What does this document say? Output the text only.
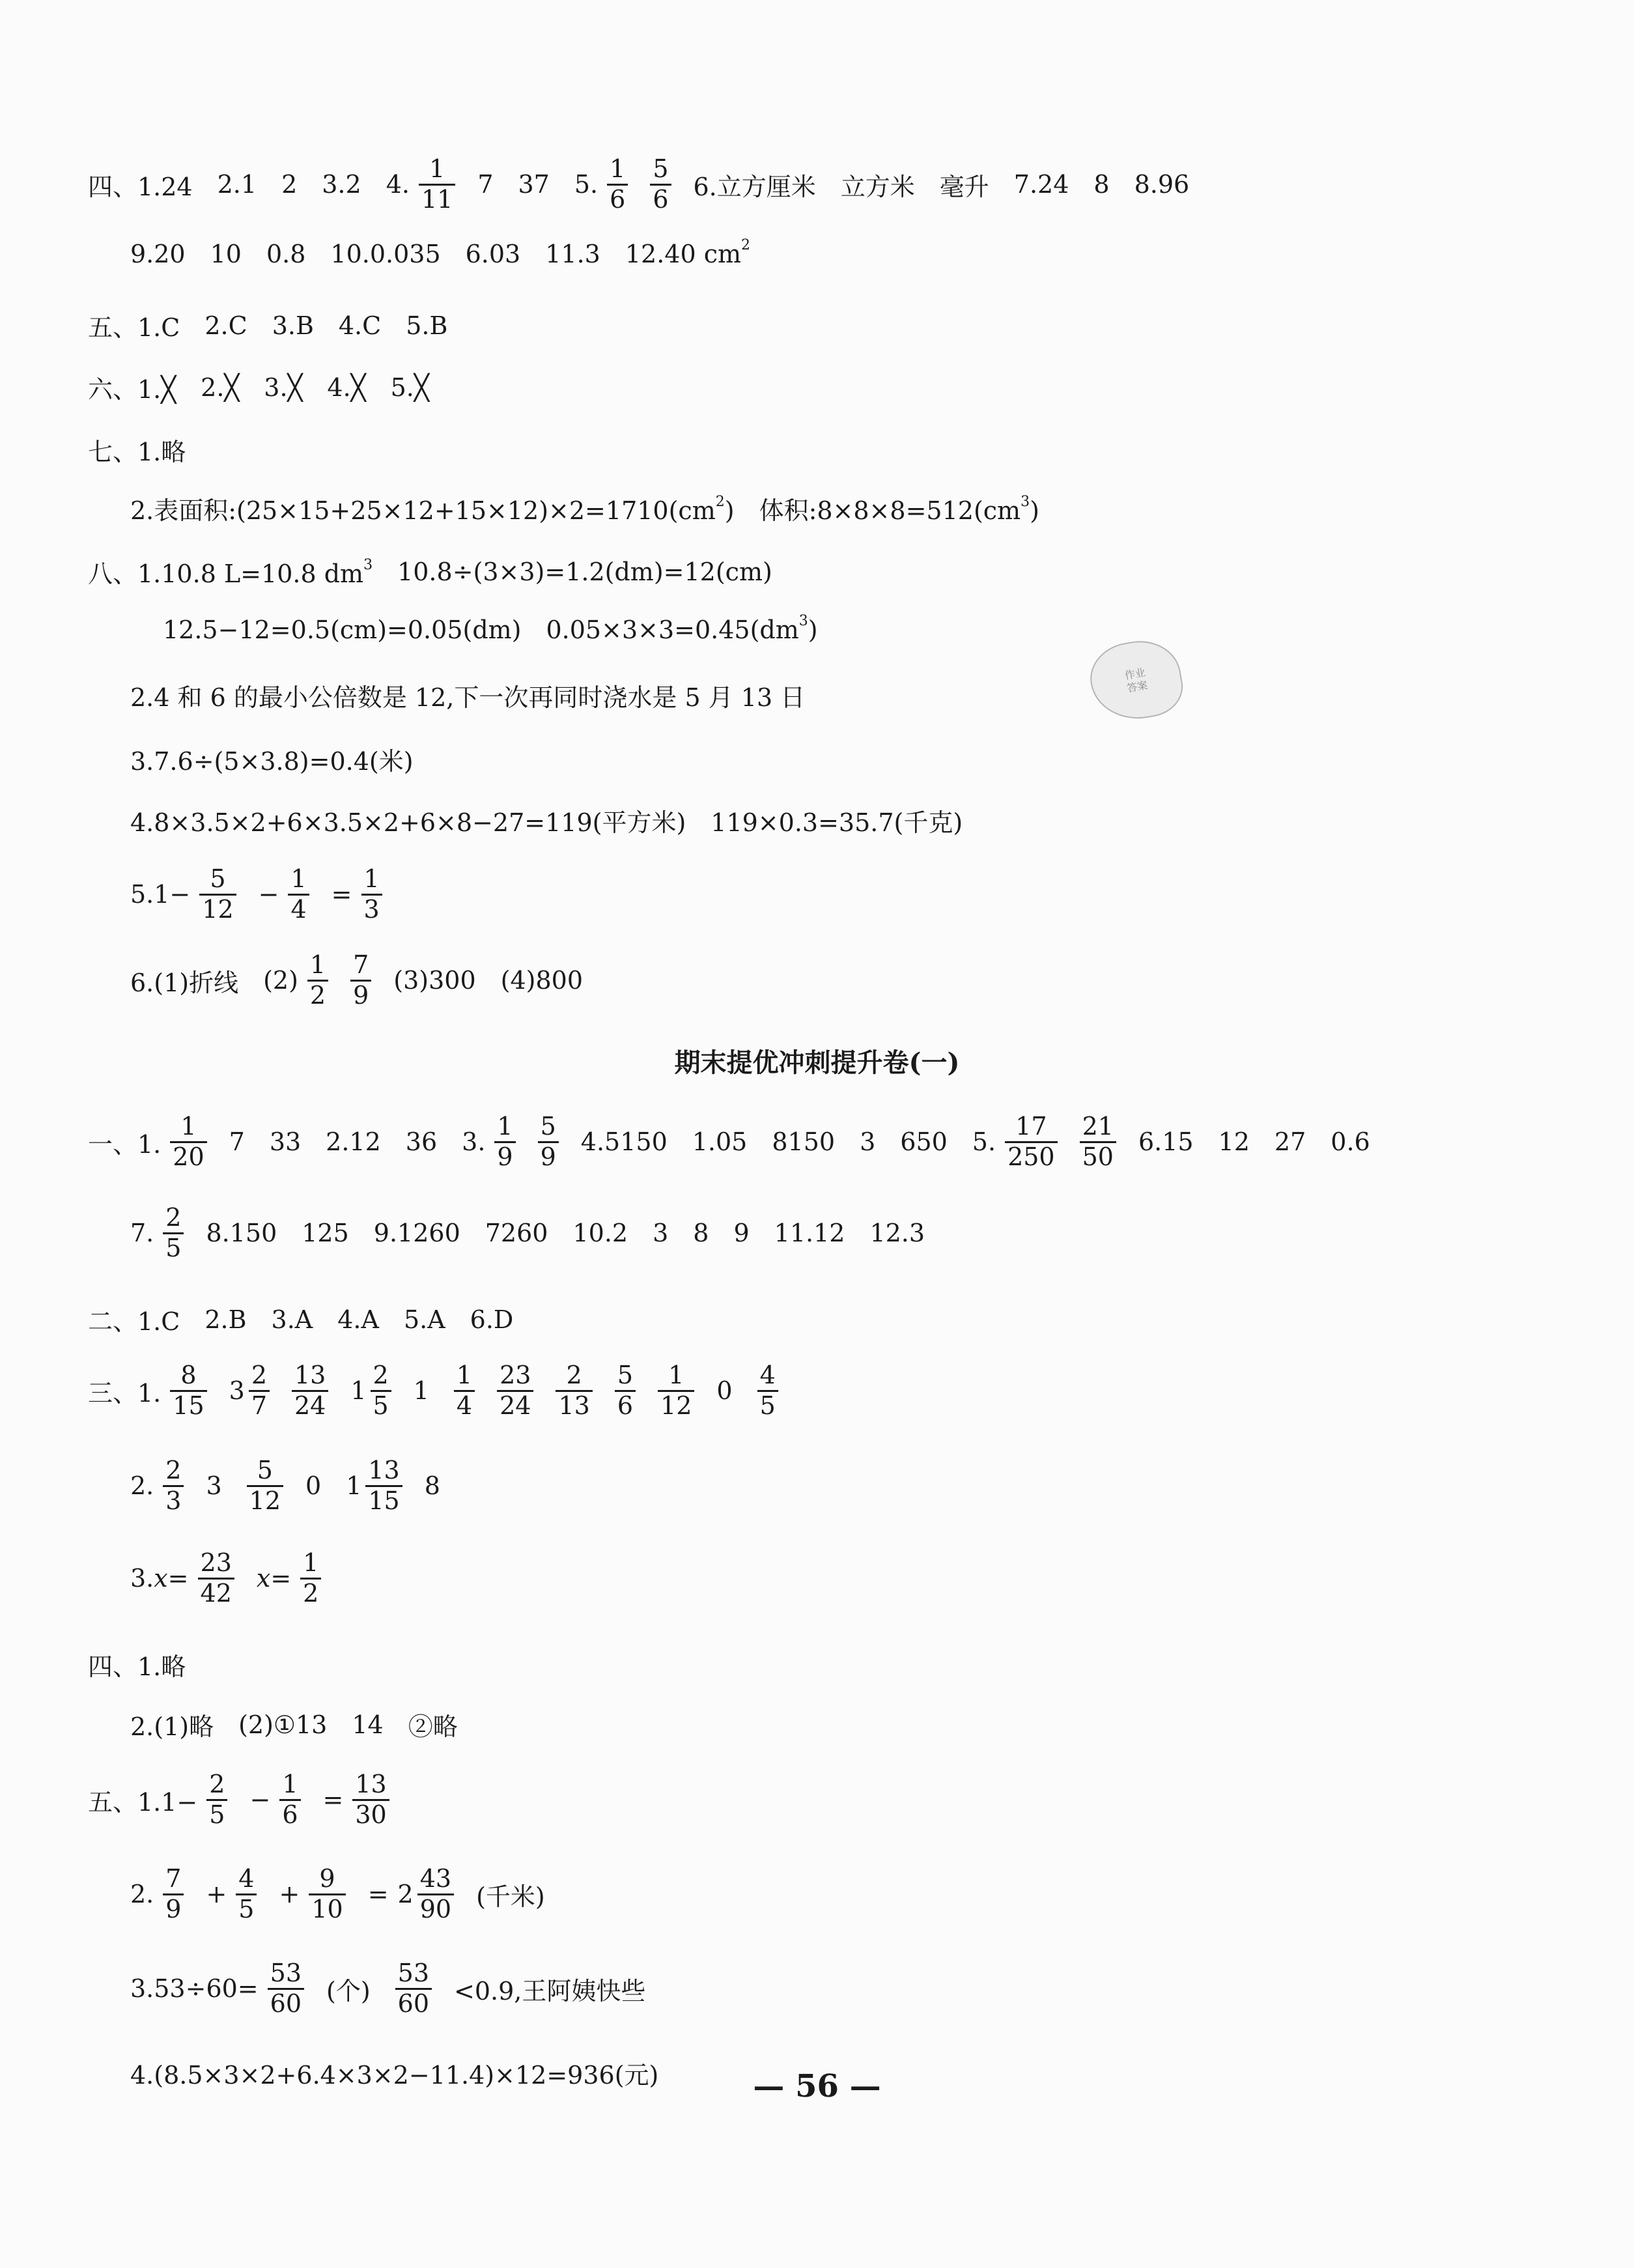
四、1.24 2.1 2 3.2 4. $\frac{1}{11} 7$ 37 5. $\frac{1}{6} \frac{5}{6} 6$.立方厘米 立方米 毫升 7.24 8 8.96
9.20 10 0.8 10.0.035 6.03 11.3 12.40 $cm^2$
五、1.C 2.C 3.B 4.C 5.B
六、1.╳ 2.╳ 3.╳ 4.╳ 5.╳
七、1.略
2.表面积$:(25\times 15+25\times 12+15\times 12)\times 2=1710(cm^2)$ 体积$:8\times 8\times 8=512(cm^3)$
八、1.10.8 L=10.8 $dm^3$ 10.8÷(3×3)=1.2(dm)=12(cm)
12.5−12=0.5(cm)=0.05(dm) $0.05\times 3\times 3=0.45(dm^3)$
2.4 和 6 的最小公倍数是 12,下一次再同时浇水是 5 月 13 日
3.7.6÷(5×3.8)=0.4(米)
4.8×3.5×2+6×3.5×2+6×8−27=119(平方米) 119×0.3=35.7(千克)
$5.1- \frac{5}{12} - \frac{1}{4} = \frac{1}{3}$
6.(1)折线 $(2) \frac{1}{2} \frac{7}{9} (3)300$ (4)800
一、1. $\frac{1}{20} 7$ 33 2.12 36 3. $\frac{1}{9} \frac{5}{9} 4.5150$ 1.05 8150 3 650 5. $\frac{17}{250} \frac{21}{50} 6.15$ 12 27 0.6
7. $\frac{2}{5} 8.150$ 125 9.1260 7260 10.2 3 8 9 11.12 12.3
二、1.C 2.B 3.A 4.A 5.A 6.D
三、1. $\frac{8}{15} 3 \frac{2}{7} \frac{13}{24} 1 \frac{2}{5} 1 \frac{1}{4} \frac{23}{24} \frac{2}{13} \frac{5}{6} \frac{1}{12} 0 \frac{4}{5}$
2. $\frac{2}{3} 3 \frac{5}{12} 0$ $1 \frac{13}{15} 8$
3.𝑥= $\frac{23}{42}$ 𝑥= $\frac{1}{2}$
四、1.略
2.(1)略 (2)①13 14 ②略
五、$1.1- \frac{2}{5} - \frac{1}{6} = \frac{13}{30}$
2. $\frac{7}{9} + \frac{4}{5} + \frac{9}{10} = 2 \frac{43}{90}$ (千米)
$3.53\div 60= \frac{53}{60}$ (个) $\frac{53}{60} <0.9$,王阿姨快些
4.(8.5×3×2+6.4×3×2−11.4)×12=936(元)
期末提优冲刺提升卷(一)
作业
答案
— 56 —
